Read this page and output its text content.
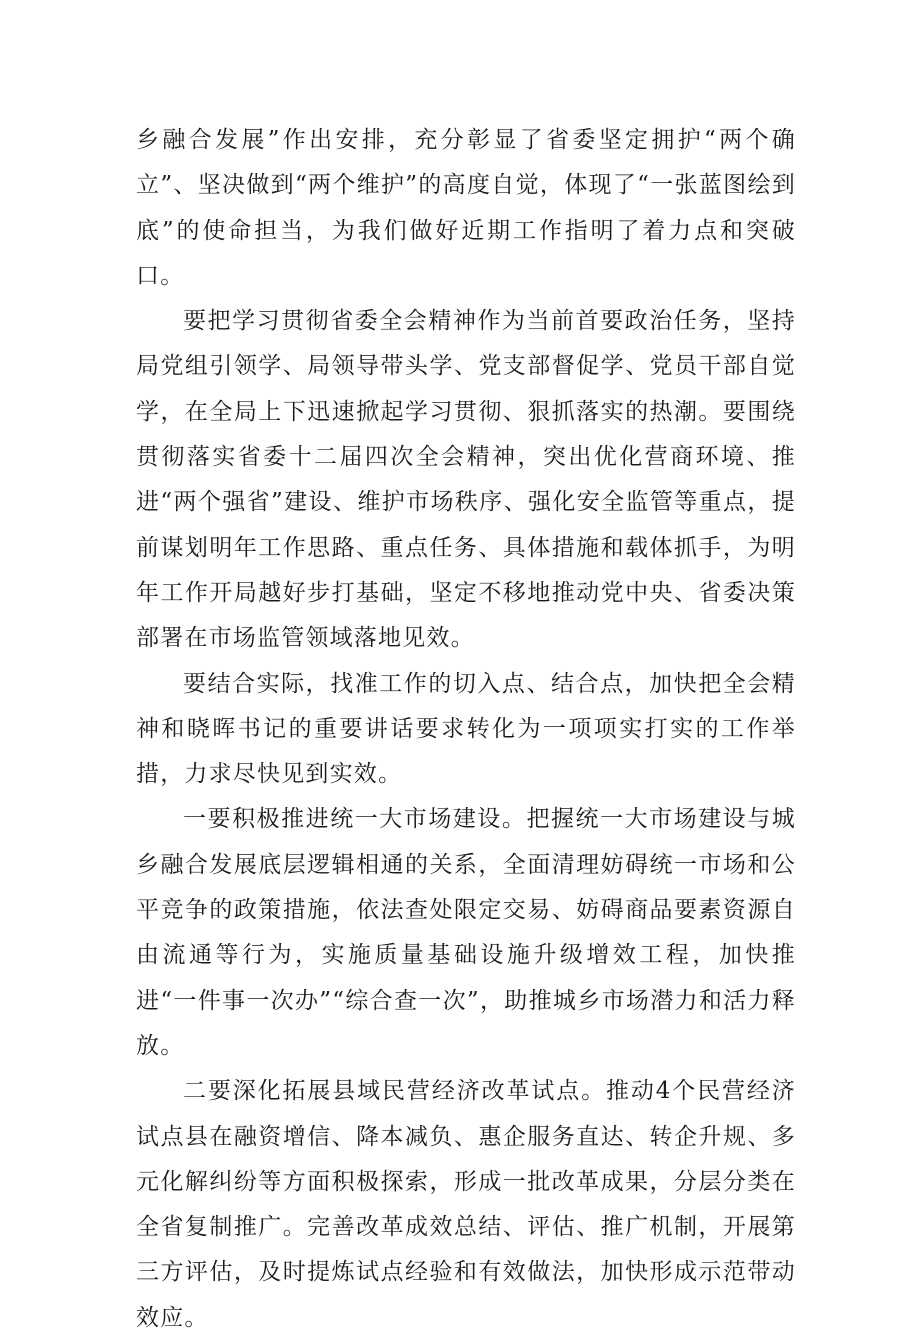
乡融合发展”作出安排，充分彰显了省委坚定拥护“两个确立”、坚决做到“两个维护”的高度自觉，体现了“一张蓝图绘到底”的使命担当，为我们做好近期工作指明了着力点和突破口。

要把学习贯彻省委全会精神作为当前首要政治任务，坚持局党组引领学、局领导带头学、党支部督促学、党员干部自觉学，在全局上下迅速掀起学习贯彻、狠抓落实的热潮。要围绕贯彻落实省委十二届四次全会精神，突出优化营商环境、推进“两个强省”建设、维护市场秩序、强化安全监管等重点，提前谋划明年工作思路、重点任务、具体措施和载体抓手，为明年工作开局越好步打基础，坚定不移地推动党中央、省委决策部署在市场监管领域落地见效。

要结合实际，找准工作的切入点、结合点，加快把全会精神和晓晖书记的重要讲话要求转化为一项项实打实的工作举措，力求尽快见到实效。

一要积极推进统一大市场建设。把握统一大市场建设与城乡融合发展底层逻辑相通的关系，全面清理妨碍统一市场和公平竞争的政策措施，依法查处限定交易、妨碍商品要素资源自由流通等行为，实施质量基础设施升级增效工程，加快推进“一件事一次办”“综合查一次”，助推城乡市场潜力和活力释放。

二要深化拓展县域民营经济改革试点。推动4个民营经济试点县在融资增信、降本减负、惠企服务直达、转企升规、多元化解纠纷等方面积极探索，形成一批改革成果，分层分类在全省复制推广。完善改革成效总结、评估、推广机制，开展第三方评估，及时提炼试点经验和有效做法，加快形成示范带动效应。
